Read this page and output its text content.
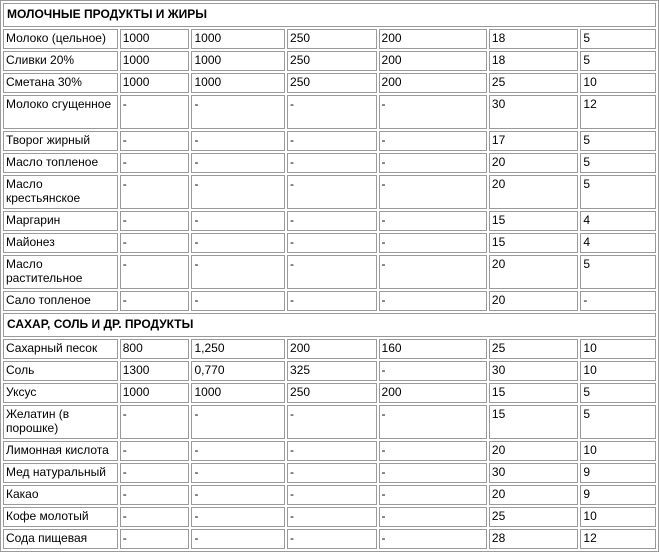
МОЛОЧНЫЕ ПРОДУКТЫ И ЖИРЫ						
Молоко (цельное)	1000	1000	250	200	18	5
Сливки 20%	1000	1000	250	200	18	5
Сметана 30%	1000	1000	250	200	25	10
Молоко сгущенное	-	-	-	-	30	12
Творог жирный	-	-	-	-	17	5
Масло топленое	-	-	-	-	20	5
Масло крестьянское	-	-	-	-	20	5
Маргарин	-	-	-	-	15	4
Майонез	-	-	-	-	15	4
Масло растительное	-	-	-	-	20	5
Сало топленое	-	-	-	-	20	-
САХАР, СОЛЬ И ДР. ПРОДУКТЫ						
Сахарный песок	800	1,250	200	160	25	10
Соль	1300	0,770	325	-	30	10
Уксус	1000	1000	250	200	15	5
Желатин (в порошке)	-	-	-	-	15	5
Лимонная кислота	-	-	-	-	20	10
Мед натуральный	-	-	-	-	30	9
Какао	-	-	-	-	20	9
Кофе молотый	-	-	-	-	25	10
Сода пищевая	-	-	-	-	28	12
